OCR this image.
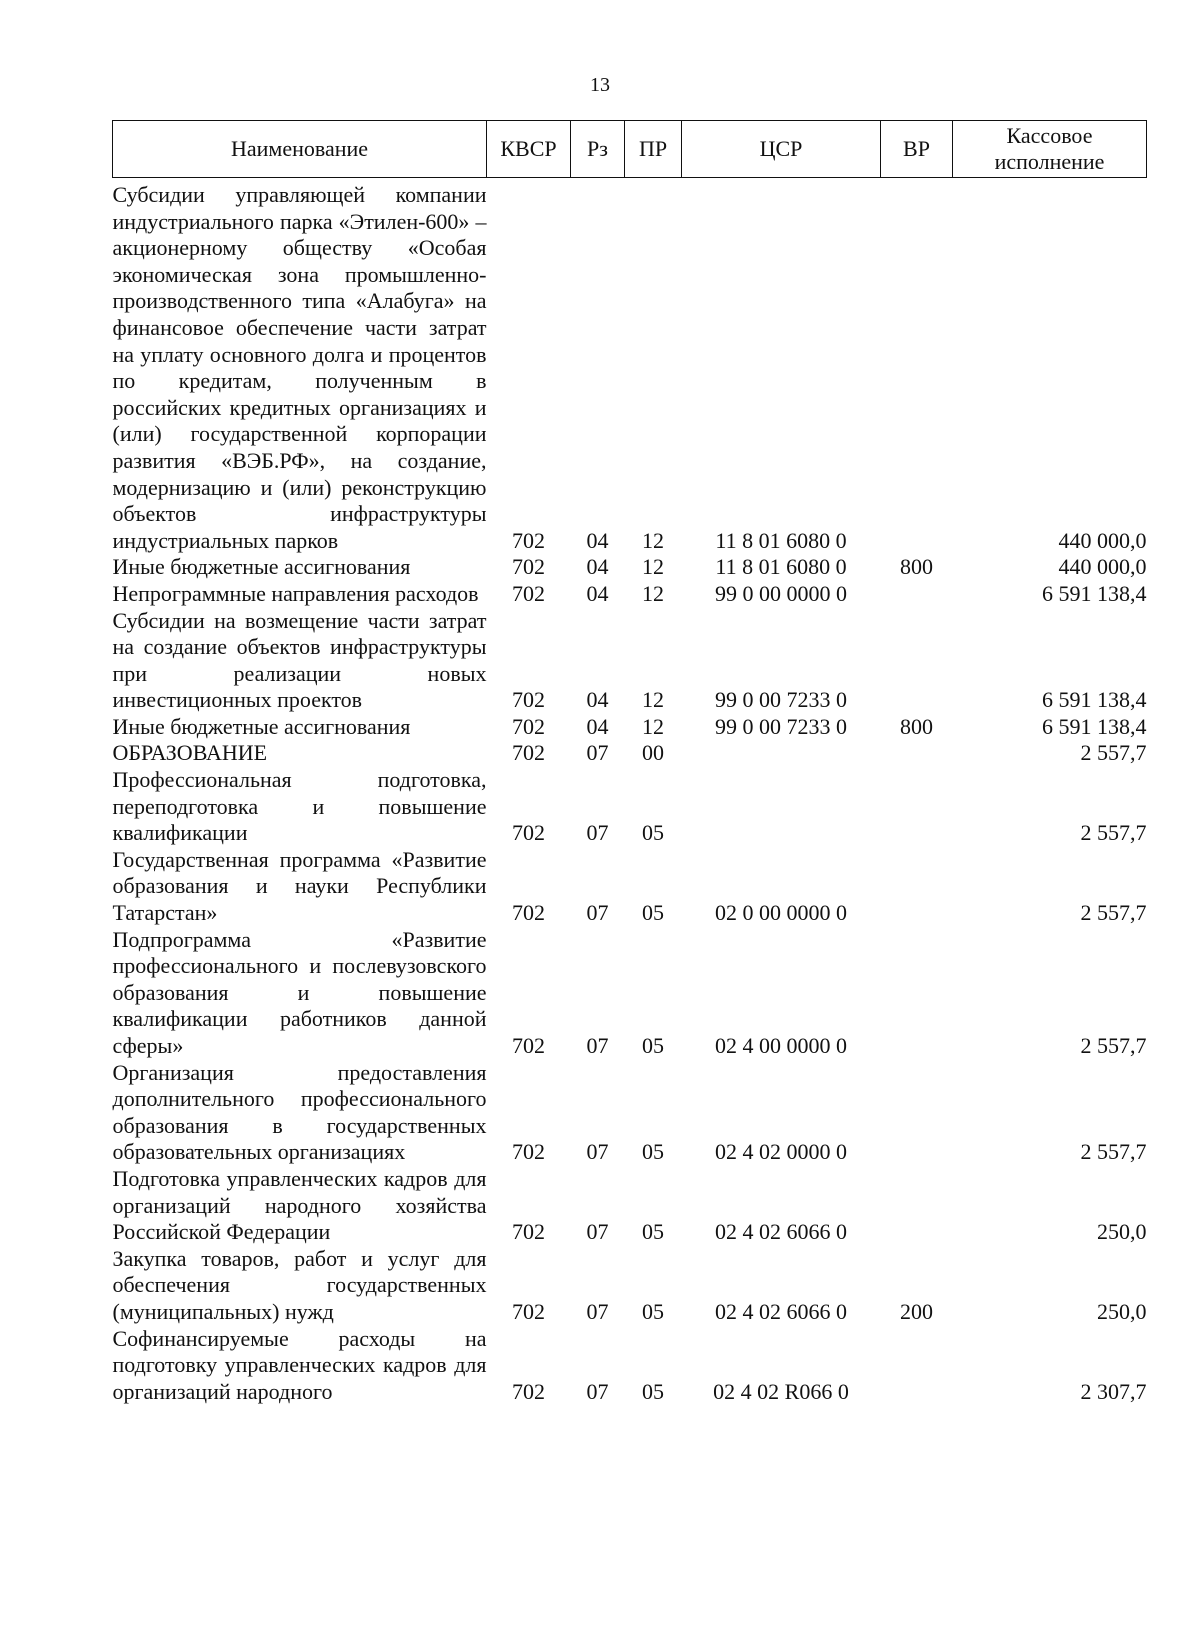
13
Наименование	КВСР	Рз	ПР	ЦСР	ВР	Кассовое исполнение
Субсидии управляющей компании индустриального парка «Этилен-600» – акционерному обществу «Особая экономическая зона промышленно-производственного типа «Алабуга» на финансовое обеспечение части затрат на уплату основного долга и процентов по кредитам, полученным в российских кредитных организациях и (или) государственной корпорации развития «ВЭБ.РФ», на создание, модернизацию и (или) реконструкцию объектов инфраструктуры индустриальных парков	702	04	12	11 8 01 6080 0		440 000,0
Иные бюджетные ассигнования	702	04	12	11 8 01 6080 0	800	440 000,0
Непрограммные направления расходов	702	04	12	99 0 00 0000 0		6 591 138,4
Субсидии на возмещение части затрат на создание объектов инфраструктуры при реализации новых инвестиционных проектов	702	04	12	99 0 00 7233 0		6 591 138,4
Иные бюджетные ассигнования	702	04	12	99 0 00 7233 0	800	6 591 138,4
ОБРАЗОВАНИЕ	702	07	00			2 557,7
Профессиональная подготовка, переподготовка и повышение квалификации	702	07	05			2 557,7
Государственная программа «Развитие образования и науки Республики Татарстан»	702	07	05	02 0 00 0000 0		2 557,7
Подпрограмма «Развитие профессионального и послевузовского образования и повышение квалификации работников данной сферы»	702	07	05	02 4 00 0000 0		2 557,7
Организация предоставления дополнительного профессионального образования в государственных образовательных организациях	702	07	05	02 4 02 0000 0		2 557,7
Подготовка управленческих кадров для организаций народного хозяйства Российской Федерации	702	07	05	02 4 02 6066 0		250,0
Закупка товаров, работ и услуг для обеспечения государственных (муниципальных) нужд	702	07	05	02 4 02 6066 0	200	250,0
Софинансируемые расходы на подготовку управленческих кадров для организаций народного	702	07	05	02 4 02 R066 0		2 307,7
